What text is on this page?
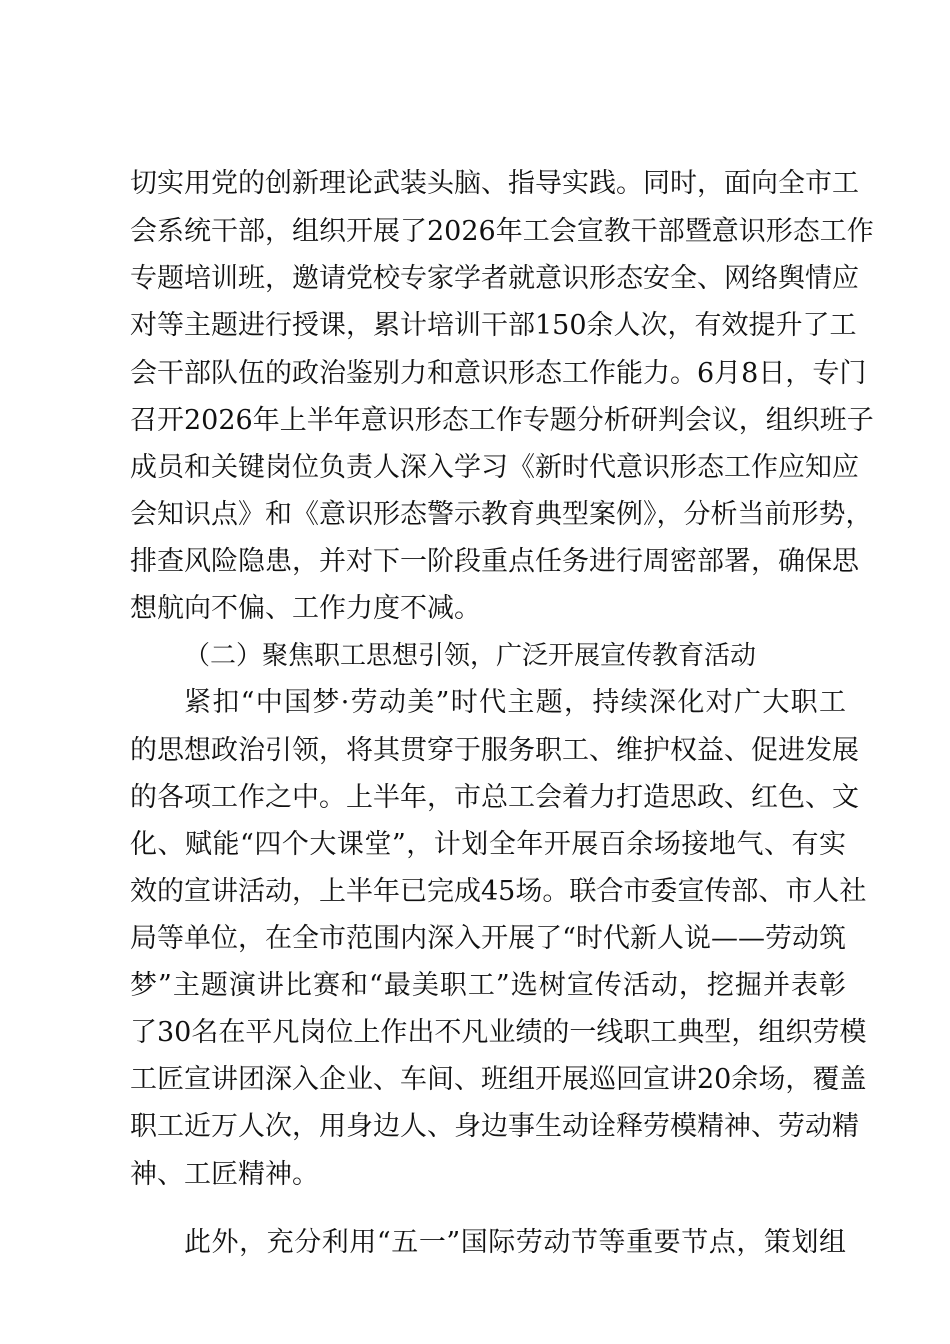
切实用党的创新理论武装头脑、指导实践。同时，面向全市工
会系统干部，组织开展了2026年工会宣教干部暨意识形态工作
专题培训班，邀请党校专家学者就意识形态安全、网络舆情应
对等主题进行授课，累计培训干部150余人次，有效提升了工
会干部队伍的政治鉴别力和意识形态工作能力。6月8日，专门
召开2026年上半年意识形态工作专题分析研判会议，组织班子
成员和关键岗位负责人深入学习《新时代意识形态工作应知应
会知识点》和《意识形态警示教育典型案例》，分析当前形势，
排查风险隐患，并对下一阶段重点任务进行周密部署，确保思
想航向不偏、工作力度不减。
（二）聚焦职工思想引领，广泛开展宣传教育活动
紧扣“中国梦·劳动美”时代主题，持续深化对广大职工
的思想政治引领，将其贯穿于服务职工、维护权益、促进发展
的各项工作之中。上半年，市总工会着力打造思政、红色、文
化、赋能“四个大课堂”，计划全年开展百余场接地气、有实
效的宣讲活动，上半年已完成45场。联合市委宣传部、市人社
局等单位，在全市范围内深入开展了“时代新人说——劳动筑
梦”主题演讲比赛和“最美职工”选树宣传活动，挖掘并表彰
了30名在平凡岗位上作出不凡业绩的一线职工典型，组织劳模
工匠宣讲团深入企业、车间、班组开展巡回宣讲20余场，覆盖
职工近万人次，用身边人、身边事生动诠释劳模精神、劳动精
神、工匠精神。
此外，充分利用“五一”国际劳动节等重要节点，策划组
